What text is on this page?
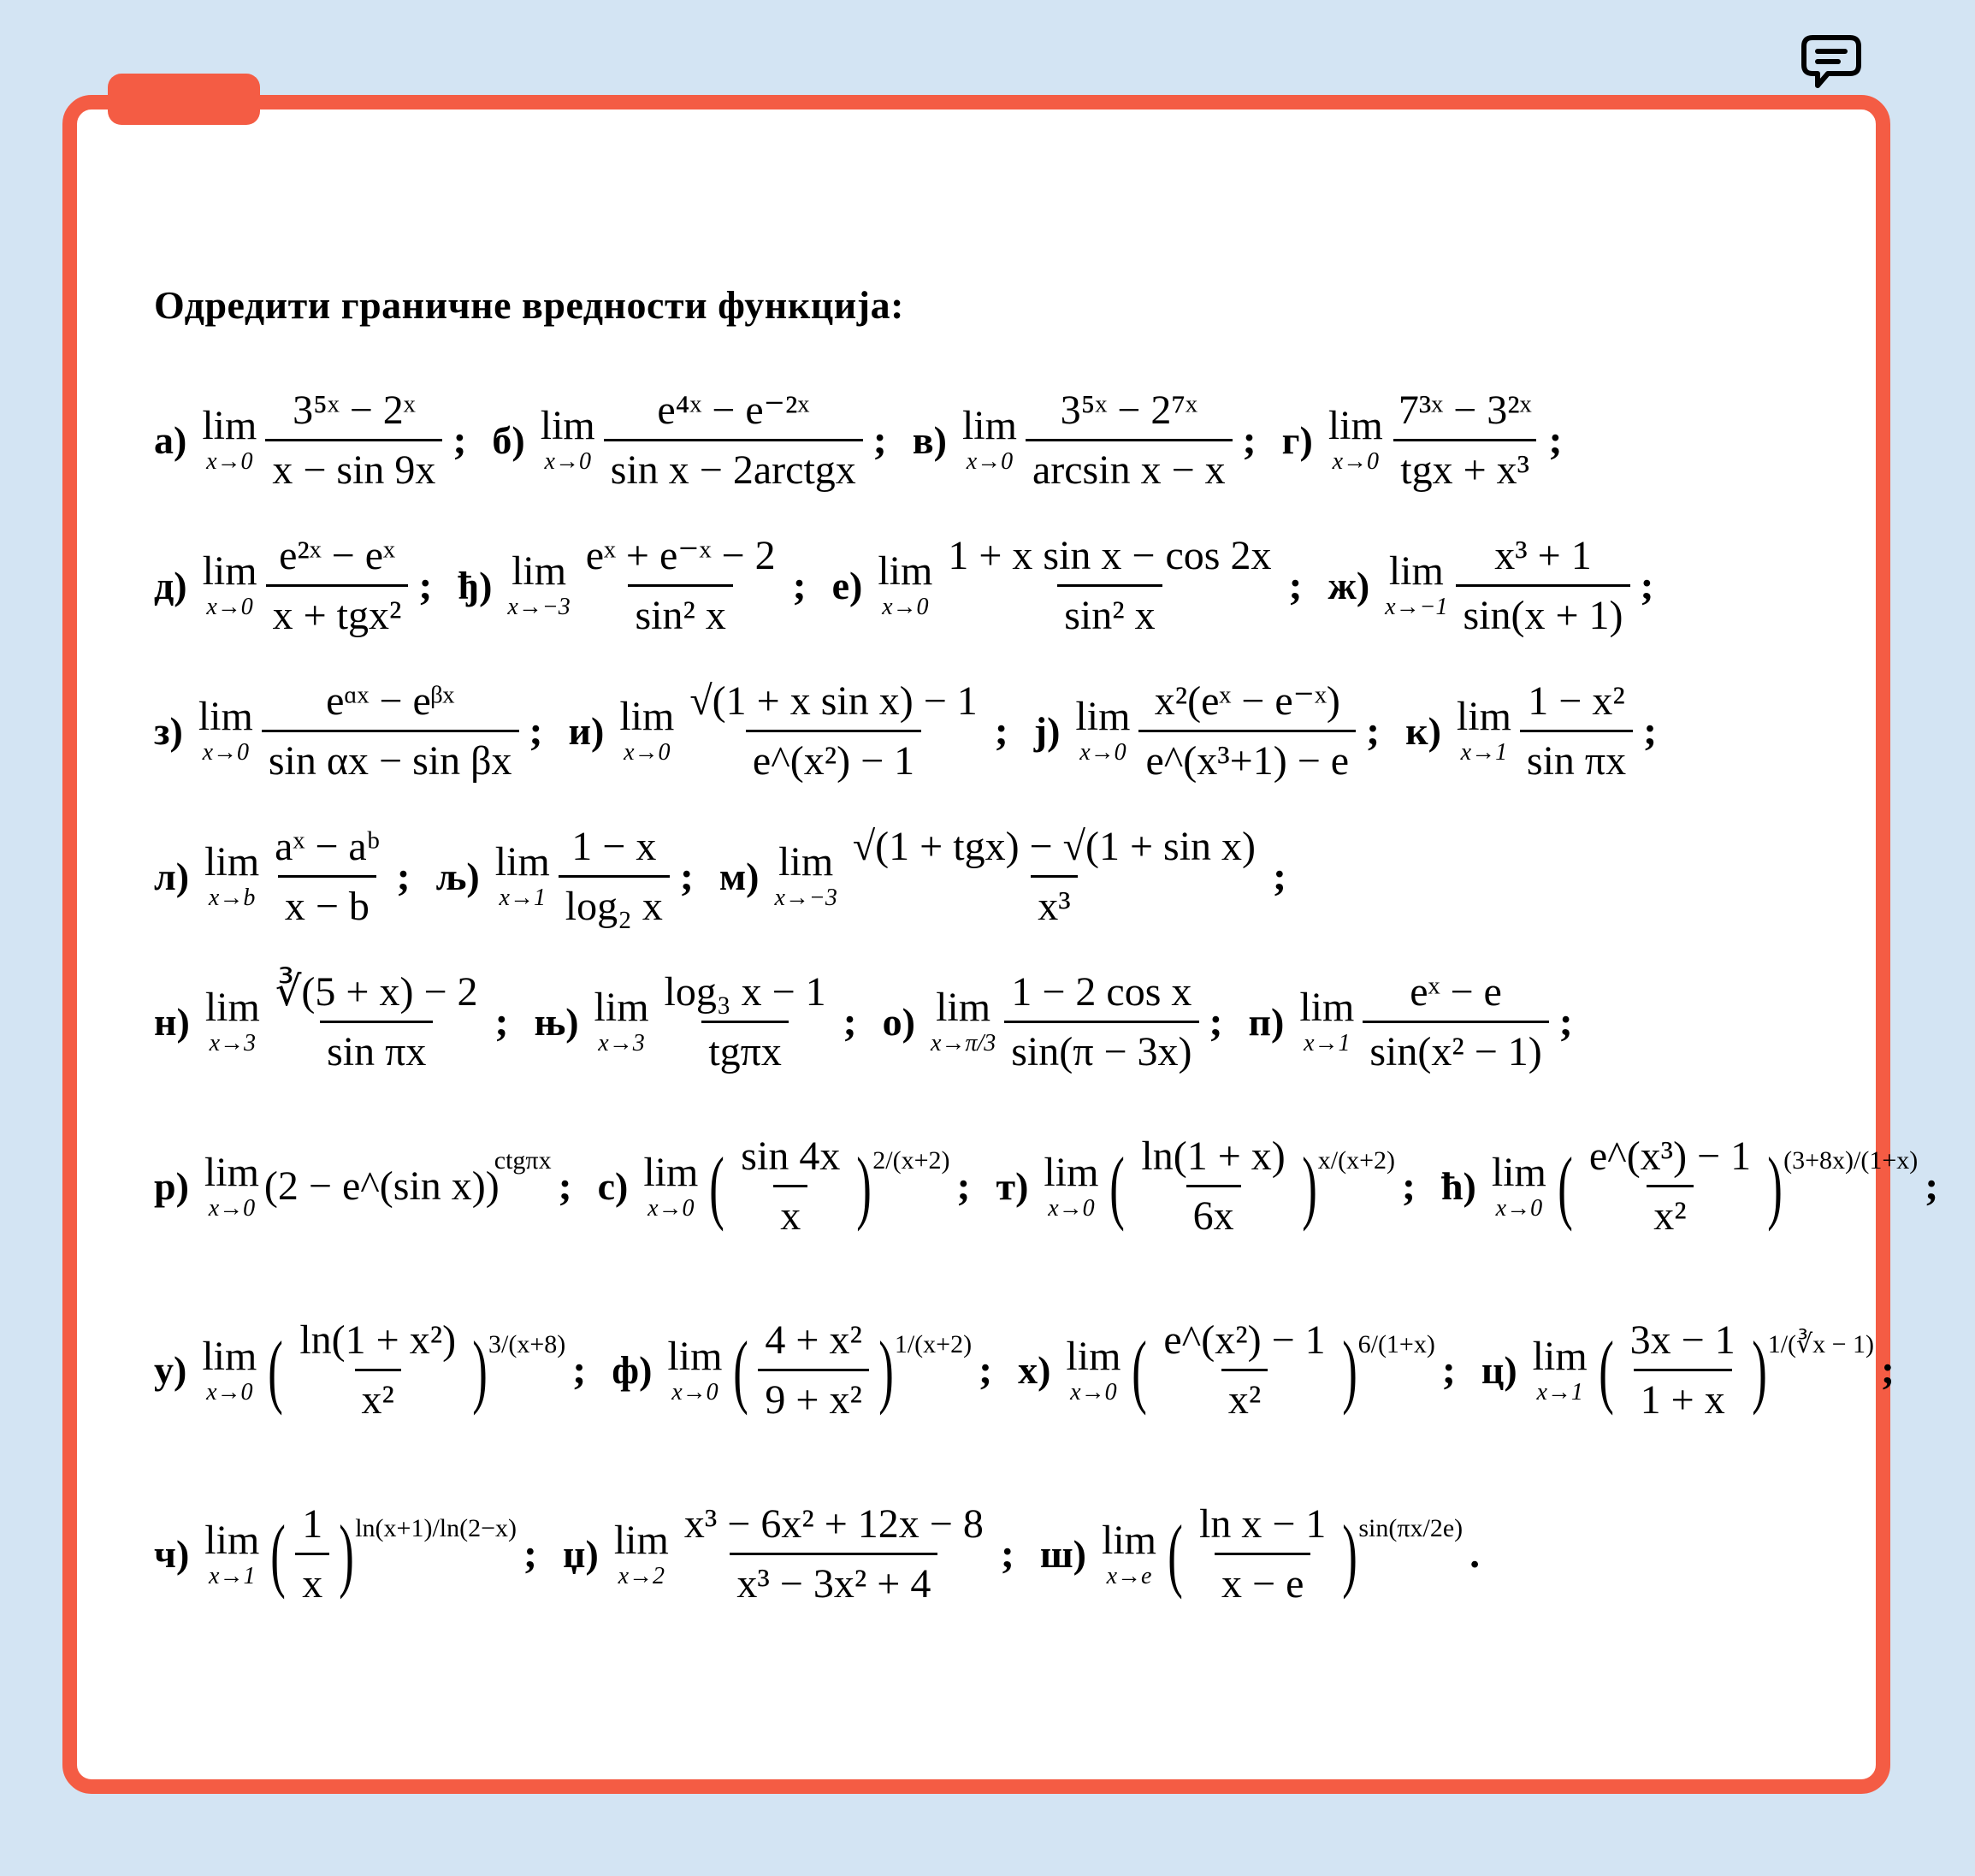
Одредити граничне вредности функција:
а) lim
$x\to 0 \frac{\text{3⁵ˣ − 2ˣ}}{x - \sin 9x}$ ; б) lim
$x\to 0 \frac{\text{e⁴ˣ − e⁻²ˣ}}{\text{sin x − 2arctgx}}$ ; в) lim
$x\to 0 \frac{\text{3⁵ˣ − 2⁷ˣ}}{\text{arcsin x − x}}$ ; г) lim
$x\to 0 \frac{\text{7³ˣ − 3²ˣ}}{\text{tgx + x³}}$ ;
д) lim
$x\to 0 \frac{\text{e²ˣ − eˣ}}{\text{x + tgx²}}$ ; ђ) lim
$x\to-3 \frac{\text{eˣ + e⁻ˣ − 2}}{\text{sin² x}}$ ; е) lim
$x\to 0 \frac{\text{1 + x sin x − cos 2x}}{\text{sin² x}}$ ; ж) lim
$x\to-1 \frac{\text{x³ + 1}}{\sin(x + 1)}$ ;
з) lim
$x\to 0 \frac{\text{eᵅˣ − eᵝˣ}}{\text{sin αx − sin βx}}$ ; и) lim
$x\to 0 \frac{\text{√(1 + x sin x) − 1}}{\text{e\textasciicircum{}(x²) − 1}}$ ; ј) lim
$x\to 0 \frac{\text{x²(eˣ − e⁻ˣ)}}{\text{e\textasciicircum{}(x³+1) − e}}$ ; к) lim
$x\to 1 \frac{\text{1 − x²}}{\text{sin πx}}$ ;
л) lim
$x\to b \frac{\text{aˣ − aᵇ}}{x - b}$ ; љ) lim
$x\to 1 \frac{1 - x}{\text{log₂ x}}$ ; м) lim
$x\to-3 \frac{\text{√(1 + tgx) − √(1 + sin x)}}{\text{x³}}$ ;
н) lim
$x\to 3 \frac{∛(5 + x) - 2}{\text{sin πx}}$ ; њ) lim
$x\to 3 \frac{\text{log₃ x − 1}}{\text{tgπx}}$ ; о) lim
$x\to\pi/3 \frac{\text{1 − 2 cos x}}{\sin(\pi - 3x)}$ ; п) lim
$x\to 1 \frac{\text{eˣ − e}}{\text{sin(x² − 1)}}$ ;
р) lim
x→0 (2 − e^(sin x))
ctgπx
; с) lim
x→0 ( $\frac{\sin 4x}{x}$ ) 2/(x+2)
; т) lim
x→0 ( $\frac{\ln(1 + x)}{6x}$ ) x/(x+2)
; ћ) lim
x→0 ( $\frac{\text{e\textasciicircum{}(x³) − 1}}{\text{x²}}$ ) (3+8x)/(1+x)
;
у) lim
x→0 ( $\frac{\text{ln(1 + x²)}}{\text{x²}}$ ) 3/(x+8)
; ф) lim
x→0 ( $\frac{\text{4 + x²}}{\text{9 + x²}}$ ) 1/(x+2)
; х) lim
x→0 ( $\frac{\text{e\textasciicircum{}(x²) − 1}}{\text{x²}}$ ) 6/(1+x)
; ц) lim
x→1 ( $\frac{3x - 1}{1 + x}$ ) 1/(∛x − 1)
;
ч) lim
x→1 ( $\frac{1}{x}$ ) ln(x+1)/ln(2−x)
; џ) lim
$x\to 2 \frac{\text{x³ − 6x² + 12x − 8}}{\text{x³ − 3x² + 4}}$ ; ш) lim
x→e ( $\frac{\text{ln x − 1}}{x - e}$ ) sin(πx/2e)
.
